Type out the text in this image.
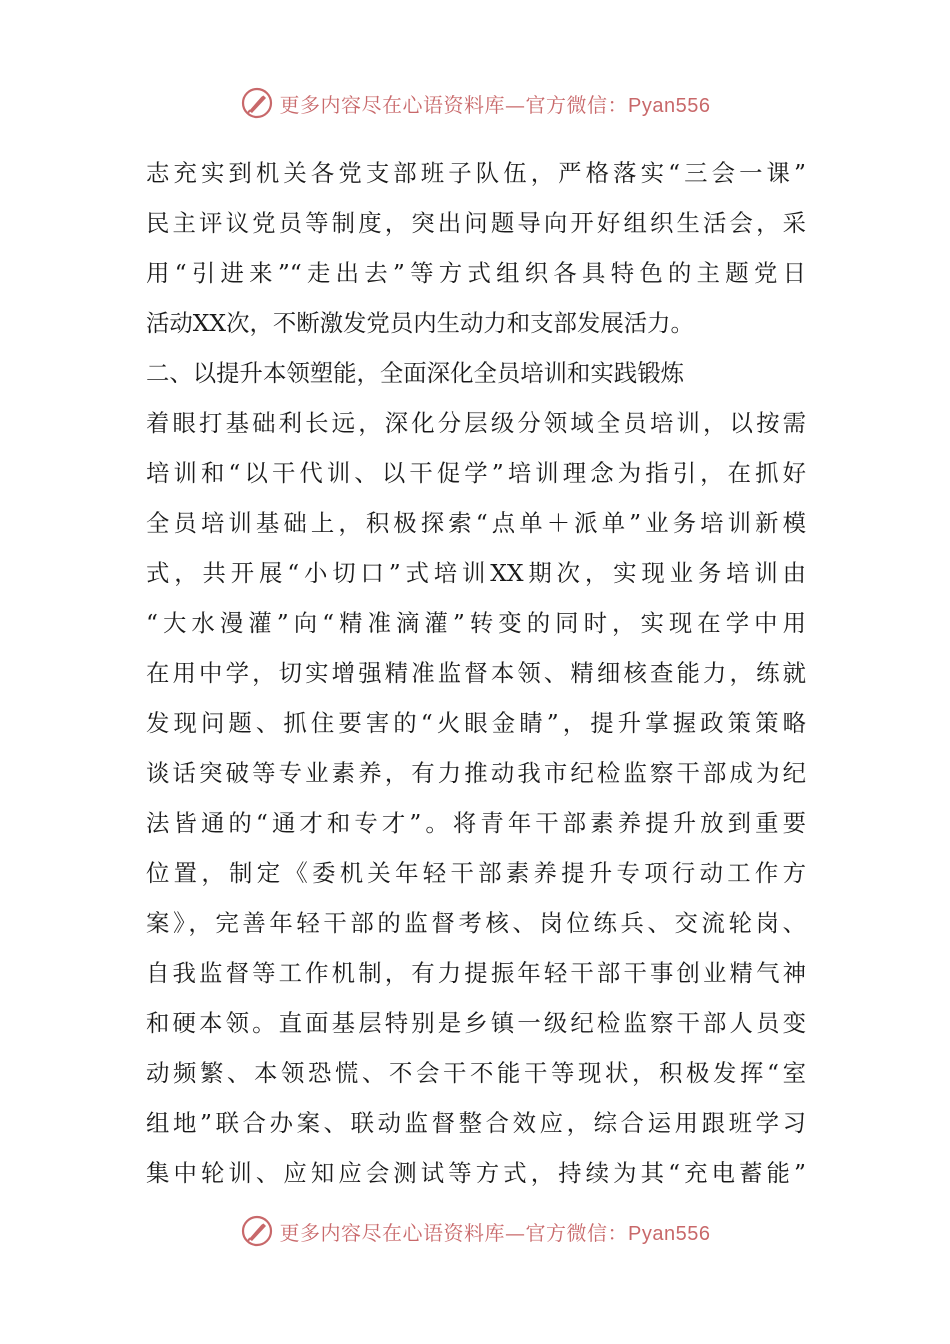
更多内容尽在心语资料库—官方微信：Pyan556
志充实到机关各党支部班子队伍，严格落实“三会一课”
民主评议党员等制度，突出问题导向开好组织生活会，采
用“引进来”“走出去”等方式组织各具特色的主题党日
活动XX次，不断激发党员内生动力和支部发展活力。
二、以提升本领塑能，全面深化全员培训和实践锻炼
着眼打基础利长远，深化分层级分领域全员培训，以按需
培训和“以干代训、以干促学”培训理念为指引，在抓好
全员培训基础上，积极探索“点单＋派单”业务培训新模
式，共开展“小切口”式培训XX期次，实现业务培训由
“大水漫灌”向“精准滴灌”转变的同时，实现在学中用
在用中学，切实增强精准监督本领、精细核查能力，练就
发现问题、抓住要害的“火眼金睛”，提升掌握政策策略
谈话突破等专业素养，有力推动我市纪检监察干部成为纪
法皆通的“通才和专才”。将青年干部素养提升放到重要
位置，制定《委机关年轻干部素养提升专项行动工作方
案》，完善年轻干部的监督考核、岗位练兵、交流轮岗、
自我监督等工作机制，有力提振年轻干部干事创业精气神
和硬本领。直面基层特别是乡镇一级纪检监察干部人员变
动频繁、本领恐慌、不会干不能干等现状，积极发挥“室
组地”联合办案、联动监督整合效应，综合运用跟班学习
集中轮训、应知应会测试等方式，持续为其“充电蓄能”
更多内容尽在心语资料库—官方微信：Pyan556
